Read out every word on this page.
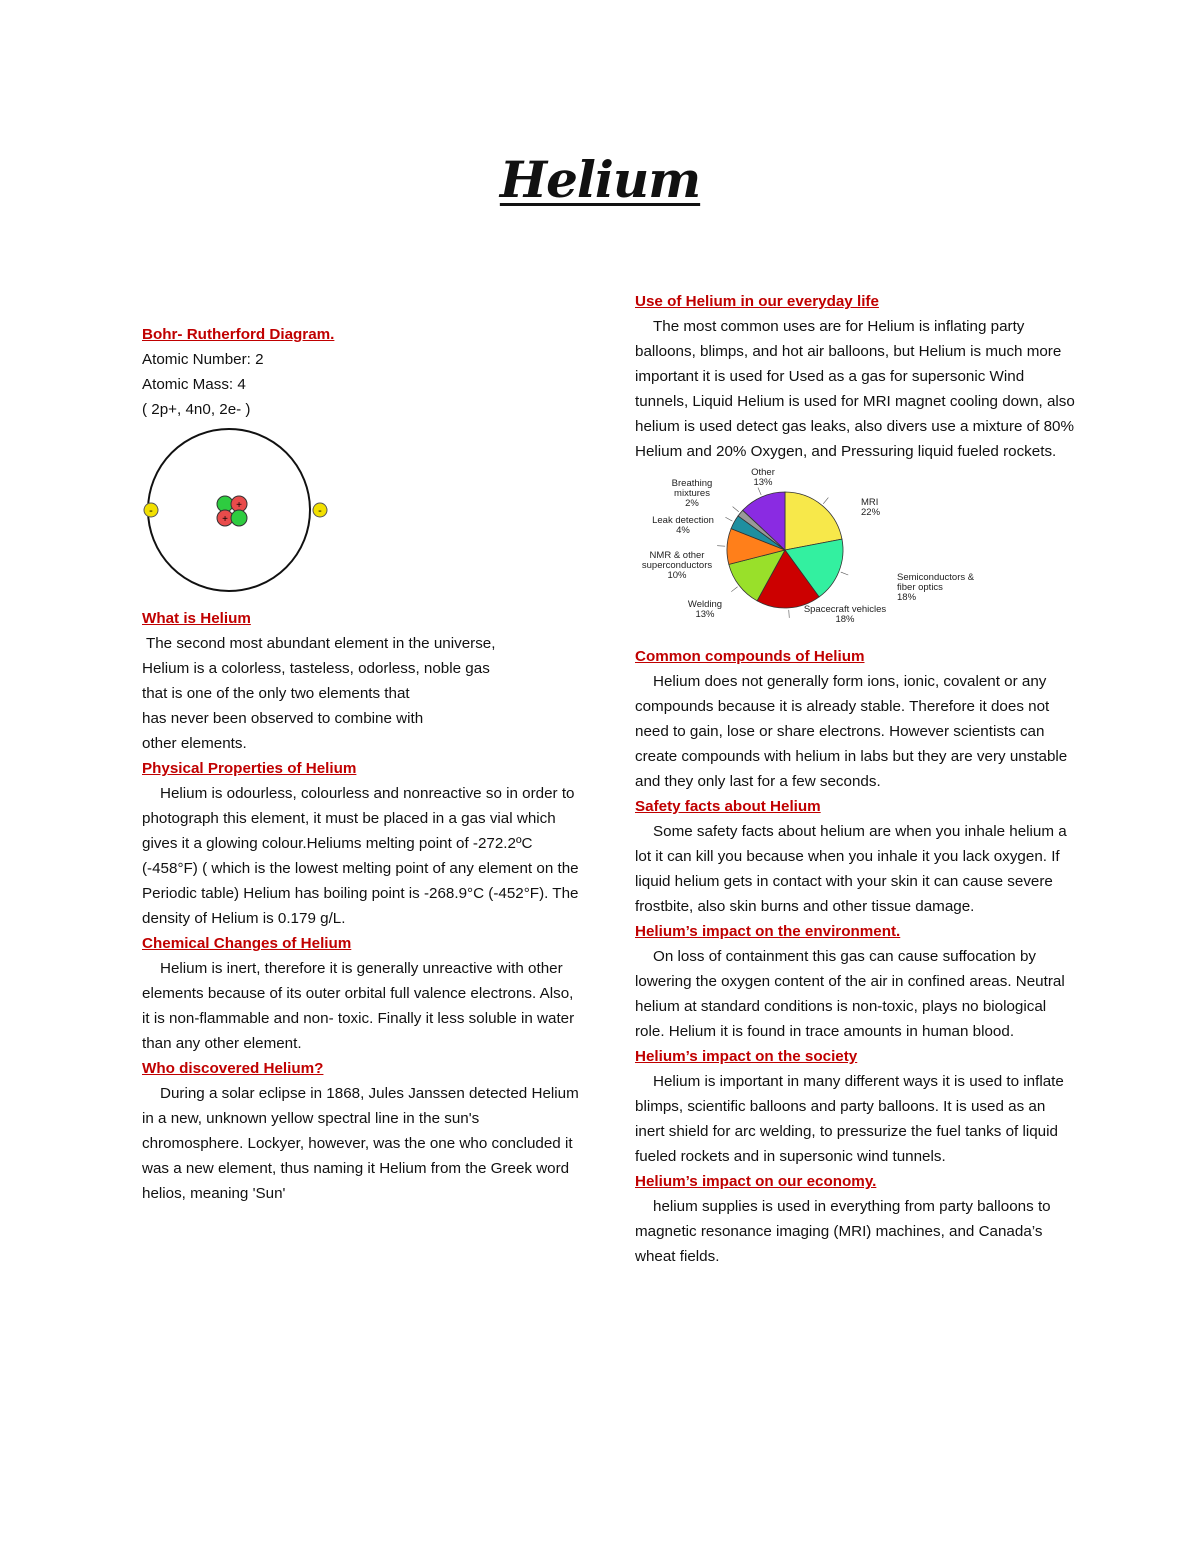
Helium
Bohr- Rutherford Diagram.
Atomic Number: 2
Atomic Mass: 4
( 2p+, 4n0, 2e- )
-	-
+
+
What is Helium
The second most abundant element in the universe,
Helium is a colorless, tasteless, odorless, noble gas
that is one of the only two elements that
has never been observed to combine with
other elements.
Physical Properties of Helium
Helium is odourless, colourless and nonreactive so in order to photograph this element, it must be placed in a gas vial which gives it a glowing colour.Heliums melting point of -272.2ºC (-458°F) ( which is the lowest melting point of any element on the Periodic table) Helium has boiling point is -268.9°C (-452°F). The density of Helium is 0.179 g/L.
Chemical Changes of Helium
Helium is inert, therefore it is generally unreactive with other elements because of its outer orbital full valence electrons. Also, it is non-flammable and non- toxic. Finally it less soluble in water than any other element.
Who discovered Helium?
During a solar eclipse in 1868, Jules Janssen detected Helium in a new, unknown yellow spectral line in the sun's chromosphere. Lockyer, however, was the one who concluded it was a new element, thus naming it Helium from the Greek word helios, meaning 'Sun'
Use of Helium in our everyday life
The most common uses are for Helium is inflating party balloons, blimps, and hot air balloons, but Helium is much more important it is used for Used as a gas for supersonic Wind tunnels, Liquid Helium is used for MRI magnet cooling down, also helium is used detect gas leaks, also divers use a mixture of 80% Helium and 20% Oxygen, and Pressuring liquid fueled rockets.
MRI 22%
Semiconductors & fiber optics 18%
Spacecraft vehicles 18%
Welding 13%
NMR & other superconductors 10%
Leak detection 4%
Breathing mixtures 2%
Other 13%
Common compounds of Helium
Helium does not generally form ions, ionic, covalent or any compounds because it is already stable. Therefore it does not need to gain, lose or share electrons. However scientists can create compounds with helium in labs but they are very unstable and they only last for a few seconds.
Safety facts about Helium
Some safety facts about helium are when you inhale helium a lot it can kill you because when you inhale it you lack oxygen. If liquid helium gets in contact with your skin it can cause severe frostbite, also skin burns and other tissue damage.
Helium’s impact on the environment.
On loss of containment this gas can cause suffocation by lowering the oxygen content of the air in confined areas. Neutral helium at standard conditions is non-toxic, plays no biological role. Helium it is found in trace amounts in human blood.
Helium’s impact on the society
Helium is important in many different ways it is used to inflate blimps, scientific balloons and party balloons. It is used as an inert shield for arc welding, to pressurize the fuel tanks of liquid fueled rockets and in supersonic wind tunnels.
Helium’s impact on our economy.
helium supplies is used in everything from party balloons to magnetic resonance imaging (MRI) machines, and Canada’s wheat fields.
